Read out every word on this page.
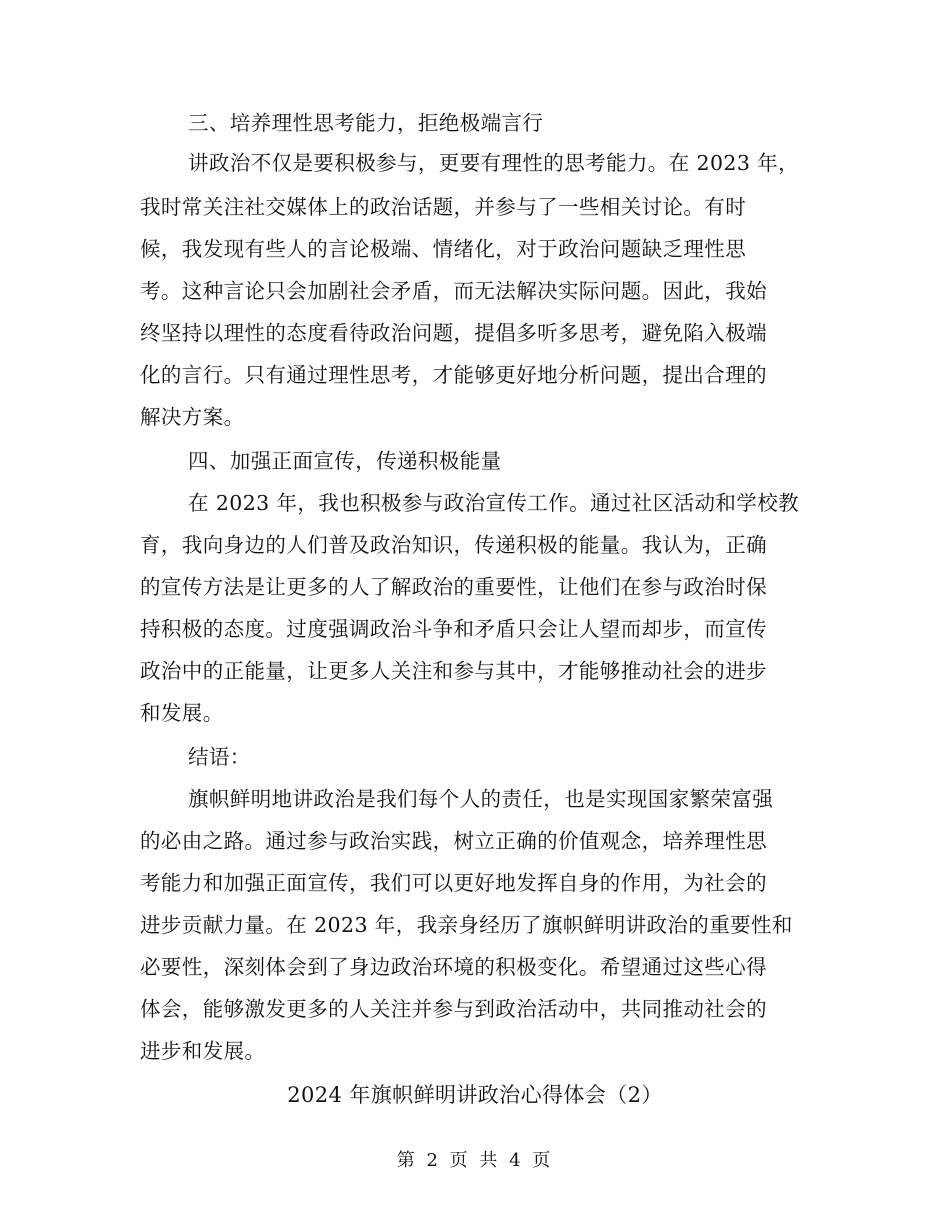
三、培养理性思考能力，拒绝极端言行
讲政治不仅是要积极参与，更要有理性的思考能力。在 2023 年，
我时常关注社交媒体上的政治话题，并参与了一些相关讨论。有时
候，我发现有些人的言论极端、情绪化，对于政治问题缺乏理性思
考。这种言论只会加剧社会矛盾，而无法解决实际问题。因此，我始
终坚持以理性的态度看待政治问题，提倡多听多思考，避免陷入极端
化的言行。只有通过理性思考，才能够更好地分析问题，提出合理的
解决方案。
四、加强正面宣传，传递积极能量
在 2023 年，我也积极参与政治宣传工作。通过社区活动和学校教
育，我向身边的人们普及政治知识，传递积极的能量。我认为，正确
的宣传方法是让更多的人了解政治的重要性，让他们在参与政治时保
持积极的态度。过度强调政治斗争和矛盾只会让人望而却步，而宣传
政治中的正能量，让更多人关注和参与其中，才能够推动社会的进步
和发展。
结语：
旗帜鲜明地讲政治是我们每个人的责任，也是实现国家繁荣富强
的必由之路。通过参与政治实践，树立正确的价值观念，培养理性思
考能力和加强正面宣传，我们可以更好地发挥自身的作用，为社会的
进步贡献力量。在 2023 年，我亲身经历了旗帜鲜明讲政治的重要性和
必要性，深刻体会到了身边政治环境的积极变化。希望通过这些心得
体会，能够激发更多的人关注并参与到政治活动中，共同推动社会的
进步和发展。
2024 年旗帜鲜明讲政治心得体会（2）
第 2 页 共 4 页
